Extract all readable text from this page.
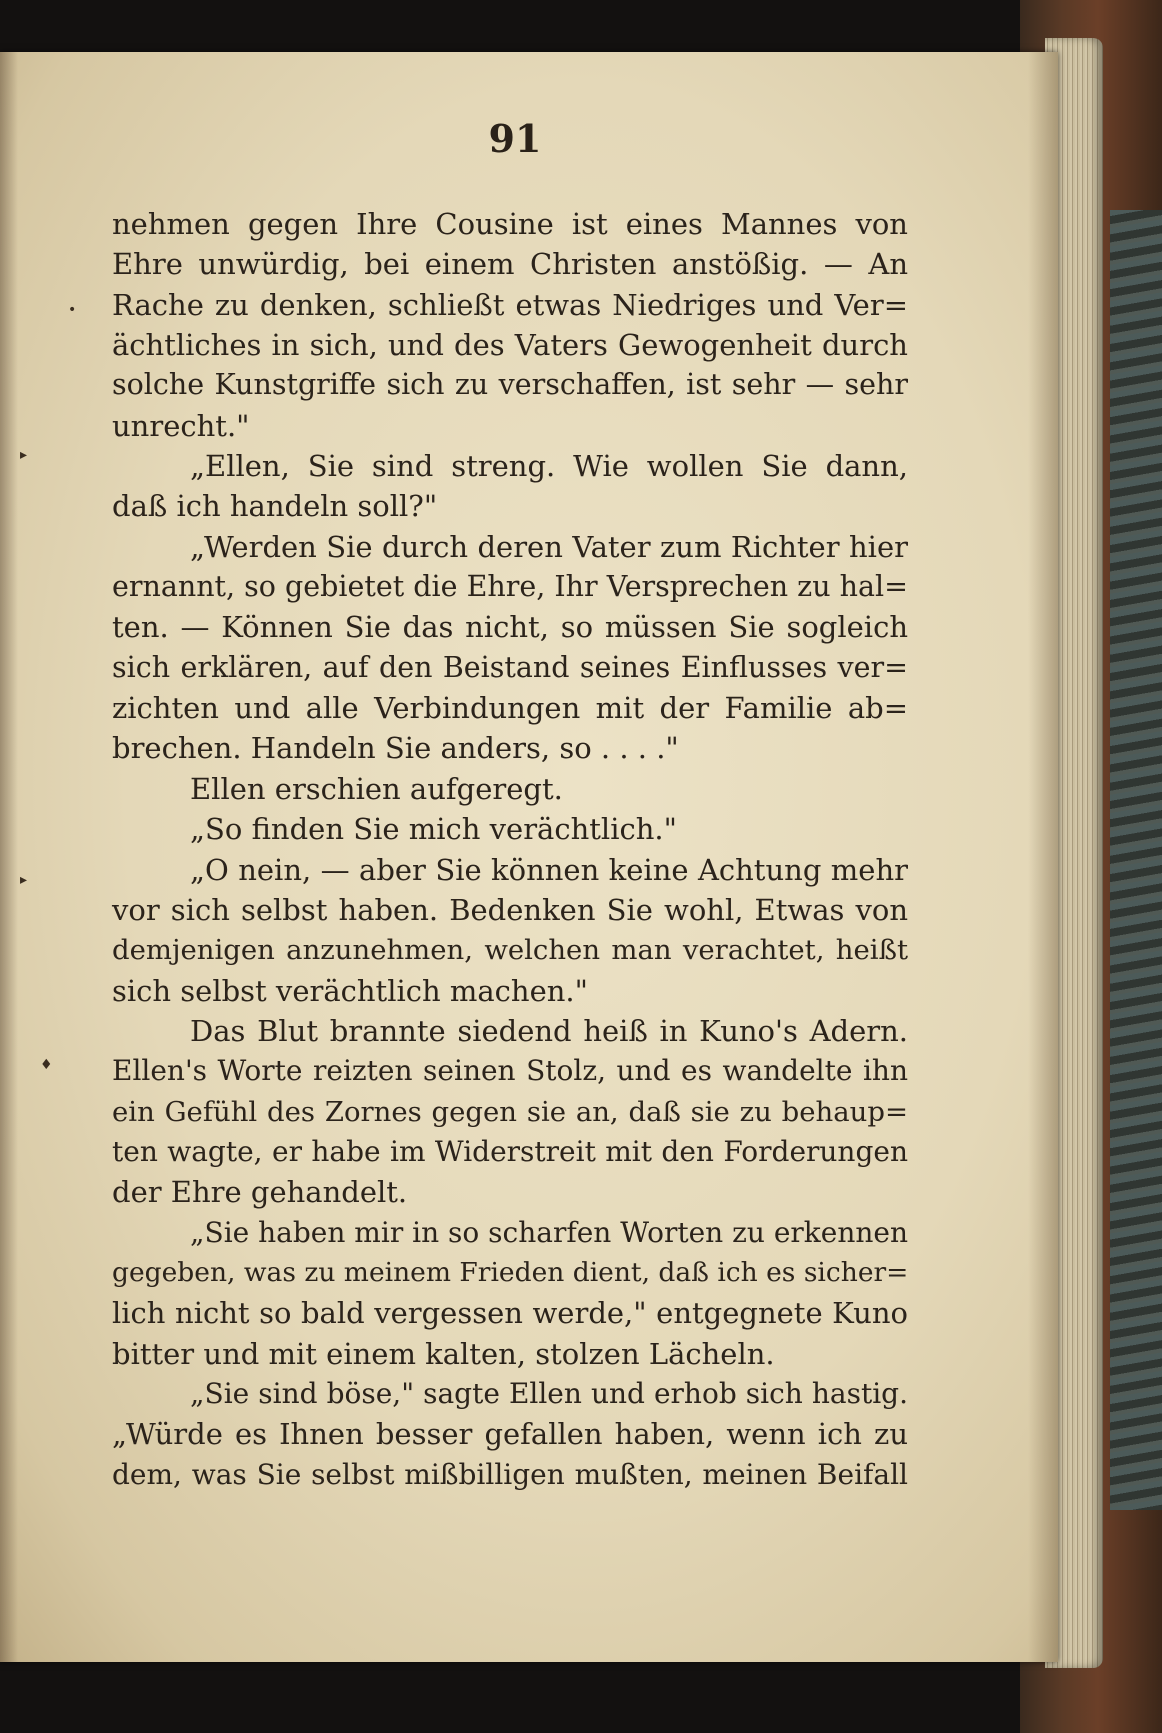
91
•
▸
▸
♦
nehmen gegen Ihre Cousine ist eines Mannes von
Ehre unwürdig, bei einem Christen anstößig. — An
Rache zu denken, schließt etwas Niedriges und Ver=
ächtliches in sich, und des Vaters Gewogenheit durch
solche Kunstgriffe sich zu verschaffen, ist sehr — sehr
unrecht."
„Ellen, Sie sind streng. Wie wollen Sie dann,
daß ich handeln soll?"
„Werden Sie durch deren Vater zum Richter hier
ernannt, so gebietet die Ehre, Ihr Versprechen zu hal=
ten. — Können Sie das nicht, so müssen Sie sogleich
sich erklären, auf den Beistand seines Einflusses ver=
zichten und alle Verbindungen mit der Familie ab=
brechen. Handeln Sie anders, so . . . ."
Ellen erschien aufgeregt.
„So finden Sie mich verächtlich."
„O nein, — aber Sie können keine Achtung mehr
vor sich selbst haben. Bedenken Sie wohl, Etwas von
demjenigen anzunehmen, welchen man verachtet, heißt
sich selbst verächtlich machen."
Das Blut brannte siedend heiß in Kuno's Adern.
Ellen's Worte reizten seinen Stolz, und es wandelte ihn
ein Gefühl des Zornes gegen sie an, daß sie zu behaup=
ten wagte, er habe im Widerstreit mit den Forderungen
der Ehre gehandelt.
„Sie haben mir in so scharfen Worten zu erkennen
gegeben, was zu meinem Frieden dient, daß ich es sicher=
lich nicht so bald vergessen werde," entgegnete Kuno
bitter und mit einem kalten, stolzen Lächeln.
„Sie sind böse," sagte Ellen und erhob sich hastig.
„Würde es Ihnen besser gefallen haben, wenn ich zu
dem, was Sie selbst mißbilligen mußten, meinen Beifall
